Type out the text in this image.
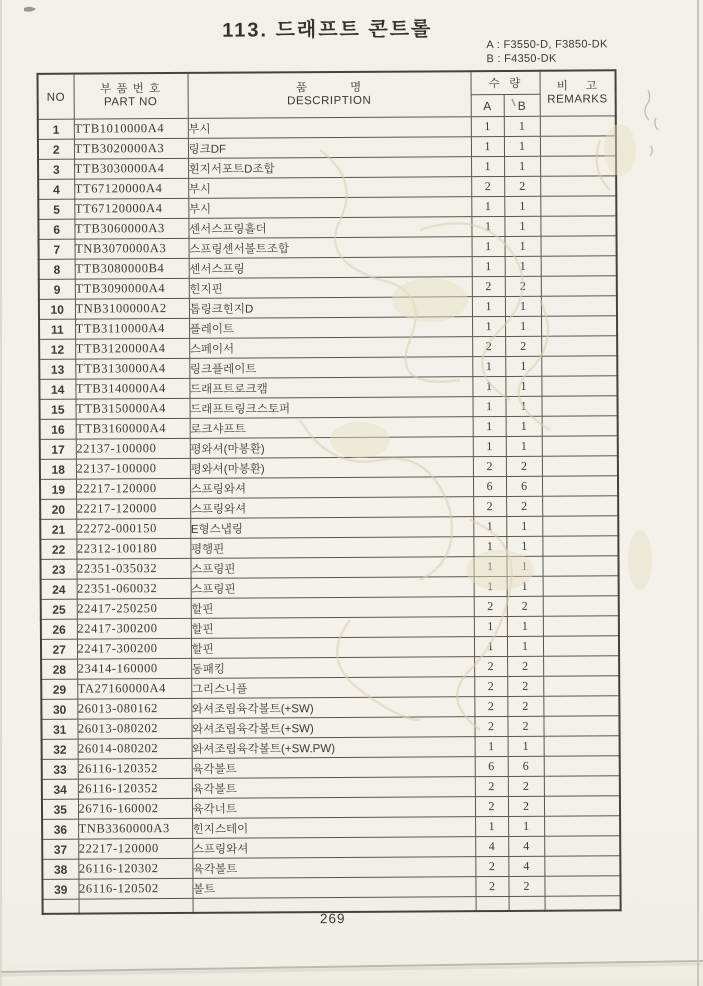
113. 드래프트 콘트롤
A : F3550-D, F3850-DK
B : F4350-DK
NO	
부 품 번 호
PART NO

품          명
DESCRIPTION
	수  량	비    고
REMARKS

			A	B	
1	TTB1010000A4	부시	1	1	
2	TTB3020000A3	링크DF	1	1	
3	TTB3030000A4	횐지서포트D조합	1	1	
4	TT67120000A4	부시	2	2	
5	TT67120000A4	부시	1	1	
6	TTB3060000A3	센서스프링홀더	1	1	
7	TNB3070000A3	스프링센서볼트조합	1	1	
8	TTB3080000B4	센서스프링	1	1	
9	TTB3090000A4	힌지핀	2	2	
10	TNB3100000A2	톱링크힌지D	1	1	
11	TTB3110000A4	플레이트	1	1	
12	TTB3120000A4	스페이서	2	2	
13	TTB3130000A4	링크플레이트	1	1	
14	TTB3140000A4	드래프트로크캠	1	1	
15	TTB3150000A4	드래프트링크스토퍼	1	1	
16	TTB3160000A4	로크샤프트	1	1	
17	22137-100000	평와셔(마봉환)	1	1	
18	22137-100000	평와셔(마봉환)	2	2	
19	22217-120000	스프링와셔	6	6	
20	22217-120000	스프링와셔	2	2	
21	22272-000150	E형스냅링	1	1	
22	22312-100180	평행핀	1	1	
23	22351-035032	스프링핀	1	1	
24	22351-060032	스프링핀	1	1	
25	22417-250250	할핀	2	2	
26	22417-300200	할핀	1	1	
27	22417-300200	할핀	1	1	
28	23414-160000	동패킹	2	2	
29	TA27160000A4	그리스니플	2	2	
30	26013-080162	와셔조립육각볼트(+SW)	2	2	
31	26013-080202	와셔조립육각볼트(+SW)	2	2	
32	26014-080202	와셔조립육각볼트(+SW.PW)	1	1	
33	26116-120352	육각볼트	6	6	
34	26116-120352	육각볼트	2	2	
35	26716-160002	육각너트	2	2	
36	TNB3360000A3	힌지스테이	1	1	
37	22217-120000	스프링와셔	4	4	
38	26116-120302	육각볼트	2	4	
39	26116-120502	볼트	2	2	

269
